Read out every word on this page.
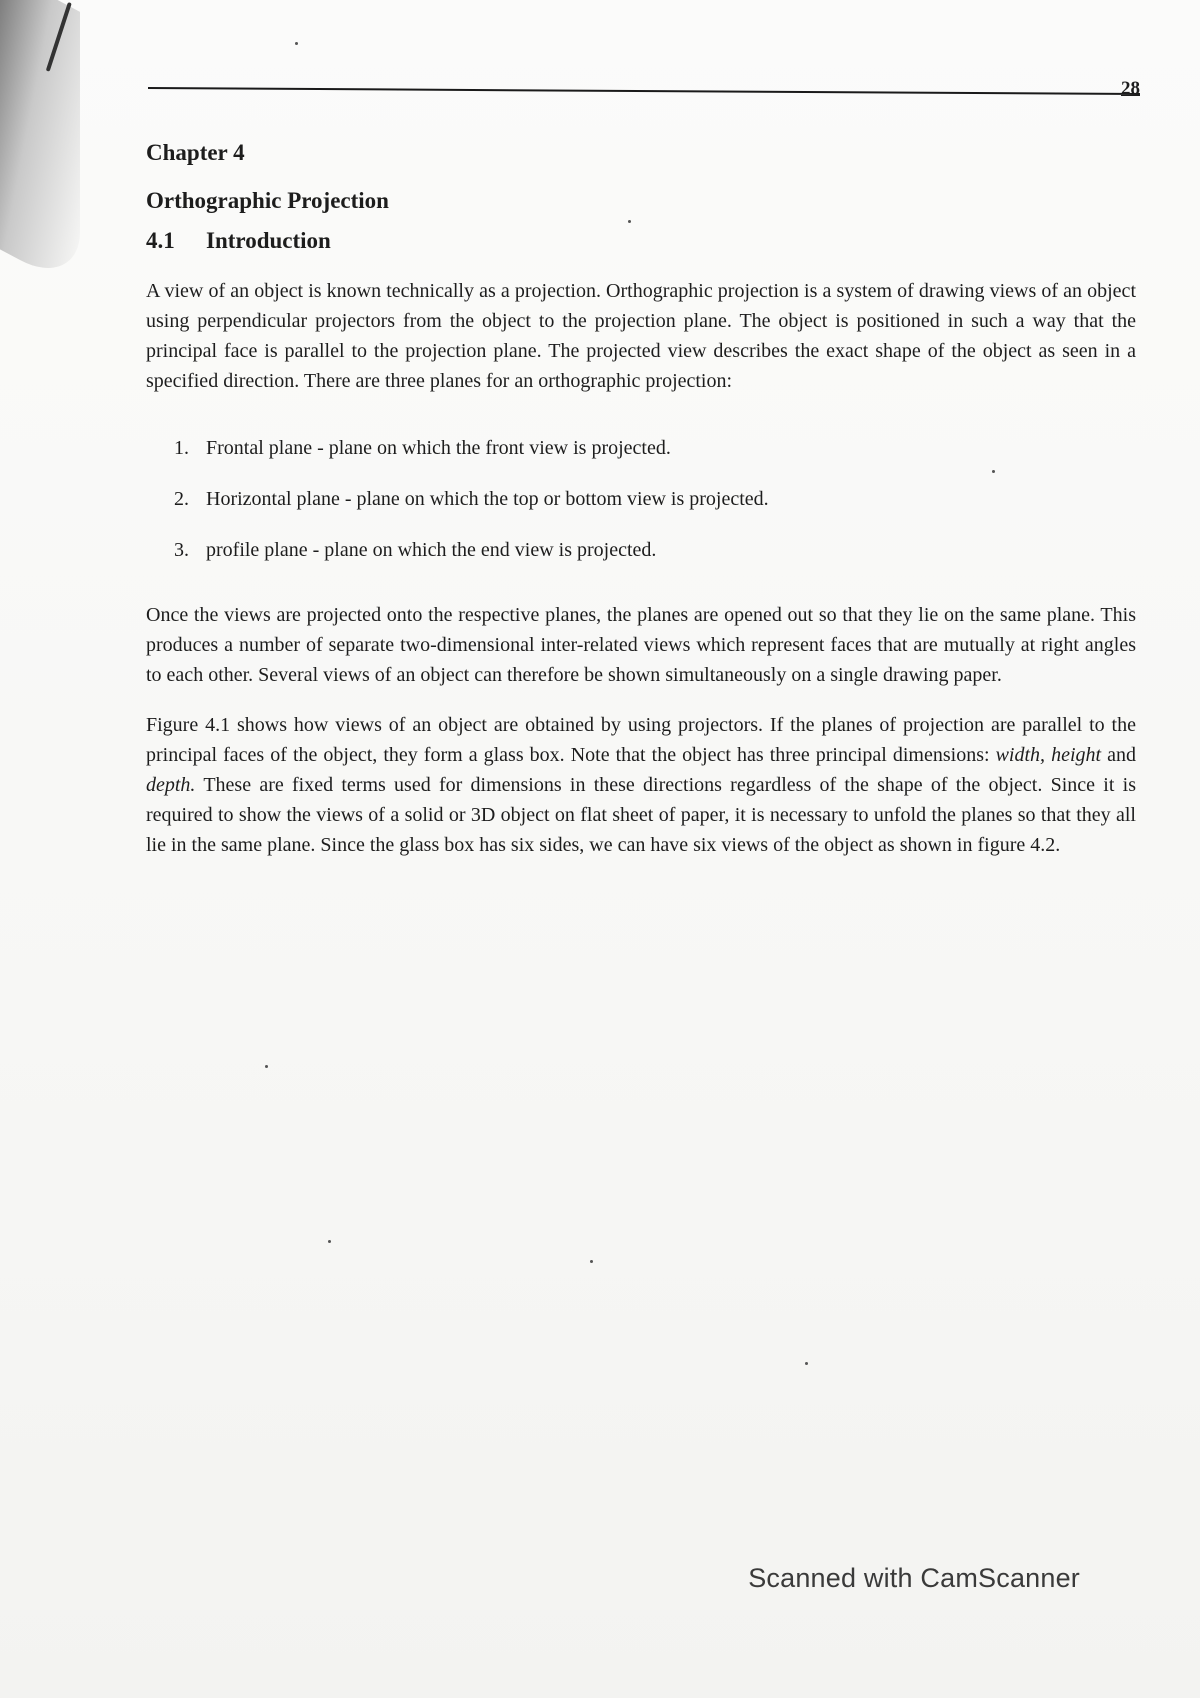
28
Chapter 4
Orthographic Projection
4.1 Introduction

A view of an object is known technically as a projection. Orthographic projection is a system of drawing views of an object using perpendicular projectors from the object to the projection plane. The object is positioned in such a way that the principal face is parallel to the projection plane. The projected view describes the exact shape of the object as seen in a specified direction. There are three planes for an orthographic projection:

1. Frontal plane - plane on which the front view is projected.
2. Horizontal plane - plane on which the top or bottom view is projected.
3. profile plane - plane on which the end view is projected.

Once the views are projected onto the respective planes, the planes are opened out so that they lie on the same plane. This produces a number of separate two-dimensional inter-related views which represent faces that are mutually at right angles to each other. Several views of an object can therefore be shown simultaneously on a single drawing paper.

Figure 4.1 shows how views of an object are obtained by using projectors. If the planes of projection are parallel to the principal faces of the object, they form a glass box. Note that the object has three principal dimensions: width, height and depth. These are fixed terms used for dimensions in these directions regardless of the shape of the object. Since it is required to show the views of a solid or 3D object on flat sheet of paper, it is necessary to unfold the planes so that they all lie in the same plane. Since the glass box has six sides, we can have six views of the object as shown in figure 4.2.

Scanned with CamScanner
